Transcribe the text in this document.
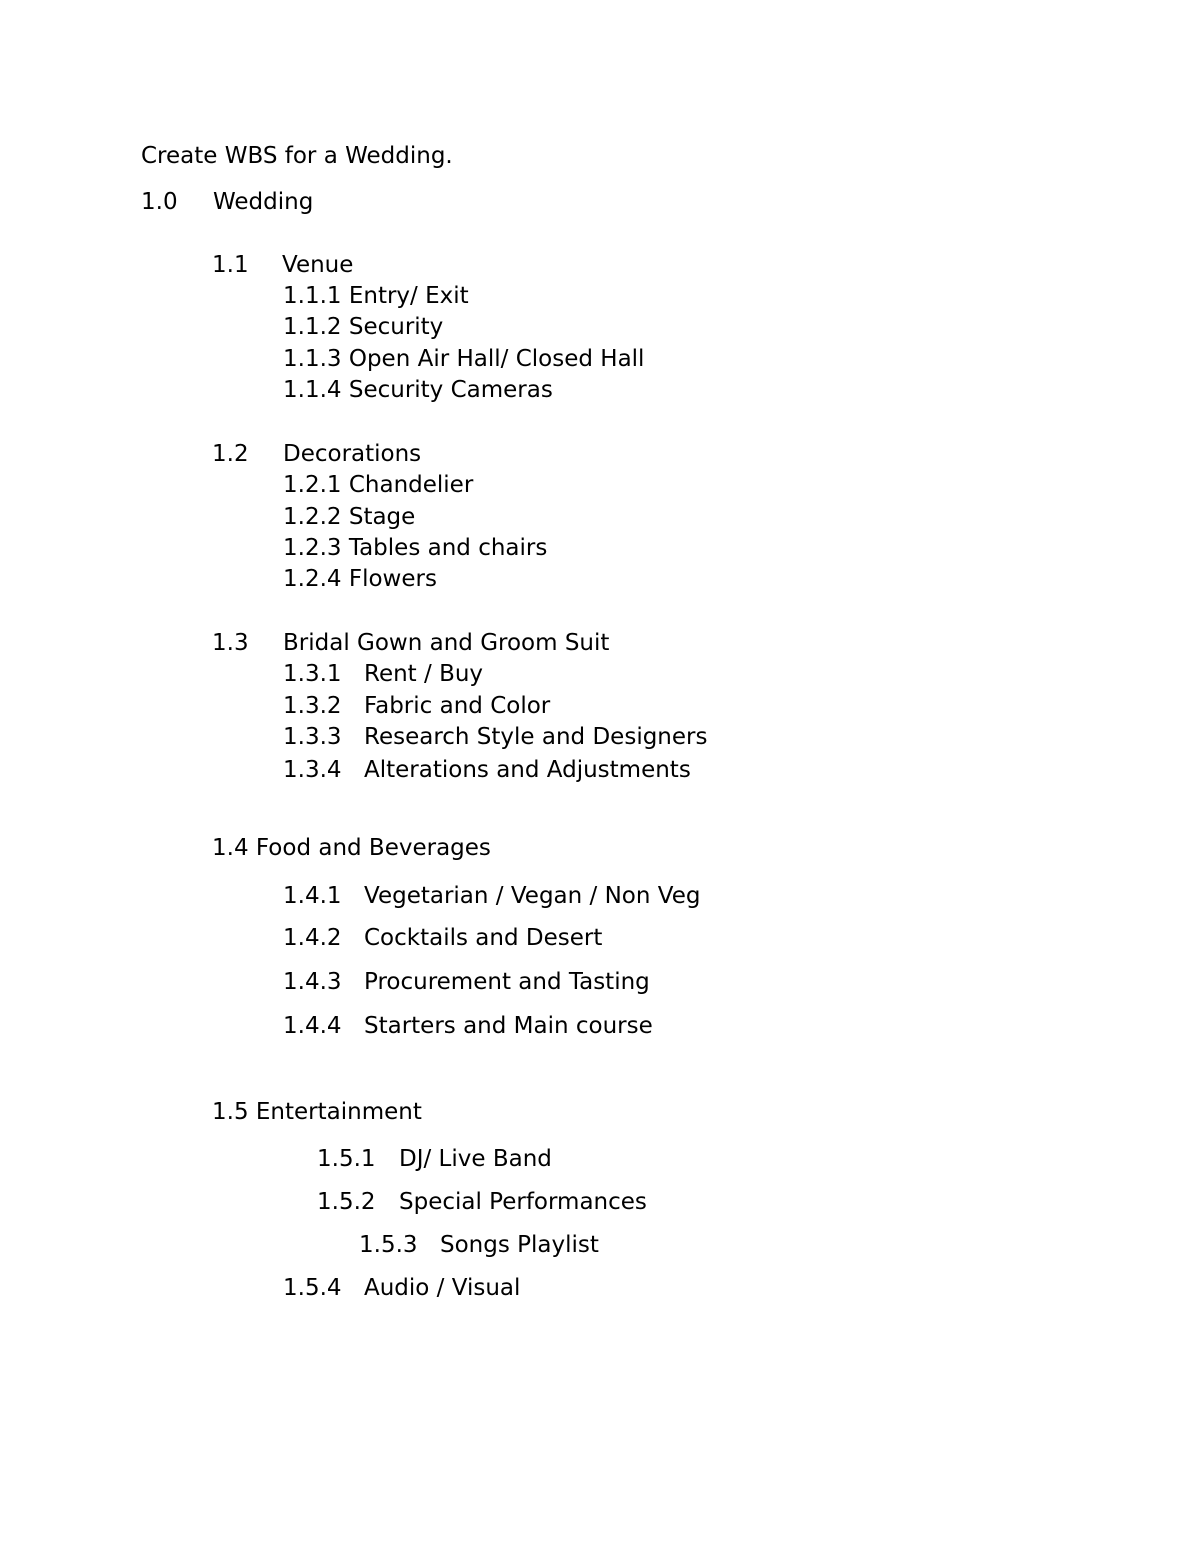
Create WBS for a Wedding.
1.0 Wedding
1.1 Venue
1.1.1 Entry/ Exit
1.1.2 Security
1.1.3 Open Air Hall/ Closed Hall
1.1.4 Security Cameras
1.2 Decorations
1.2.1 Chandelier
1.2.2 Stage
1.2.3 Tables and chairs
1.2.4 Flowers
1.3 Bridal Gown and Groom Suit
1.3.1 Rent / Buy
1.3.2 Fabric and Color
1.3.3 Research Style and Designers
1.3.4 Alterations and Adjustments
1.4 Food and Beverages
1.4.1 Vegetarian / Vegan / Non Veg
1.4.2 Cocktails and Desert
1.4.3 Procurement and Tasting
1.4.4 Starters and Main course
1.5 Entertainment
1.5.1 DJ/ Live Band
1.5.2 Special Performances
1.5.3 Songs Playlist
1.5.4 Audio / Visual
